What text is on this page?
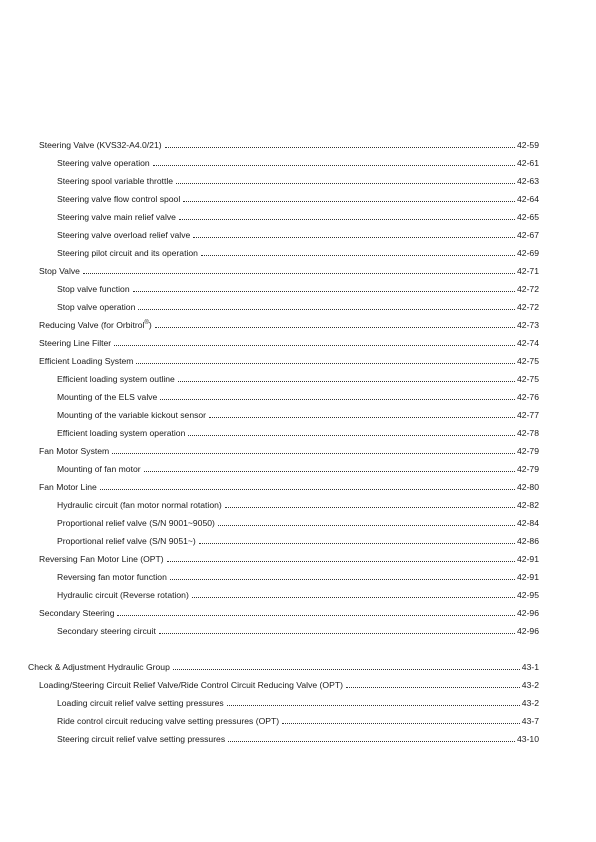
Steering Valve (KVS32-A4.0/21)	42-59
Steering valve operation	42-61
Steering spool variable throttle	42-63
Steering valve flow control spool	42-64
Steering valve main relief valve	42-65
Steering valve overload relief valve	42-67
Steering pilot circuit and its operation	42-69
Stop Valve	42-71
Stop valve function	42-72
Stop valve operation	42-72
Reducing Valve (for Orbitrol®)	42-73
Steering Line Filter	42-74
Efficient Loading System	42-75
Efficient loading system outline	42-75
Mounting of the ELS valve	42-76
Mounting of the variable kickout sensor	42-77
Efficient loading system operation	42-78
Fan Motor System	42-79
Mounting of fan motor	42-79
Fan Motor Line	42-80
Hydraulic circuit (fan motor normal rotation)	42-82
Proportional relief valve (S/N 9001~9050)	42-84
Proportional relief valve (S/N 9051~)	42-86
Reversing Fan Motor Line (OPT)	42-91
Reversing fan motor function	42-91
Hydraulic circuit (Reverse rotation)	42-95
Secondary Steering	42-96
Secondary steering circuit	42-96
Check & Adjustment Hydraulic Group	43-1
Loading/Steering Circuit Relief Valve/Ride Control Circuit Reducing Valve (OPT)	43-2
Loading circuit relief valve setting pressures	43-2
Ride control circuit reducing valve setting pressures (OPT)	43-7
Steering circuit relief valve setting pressures	43-10
